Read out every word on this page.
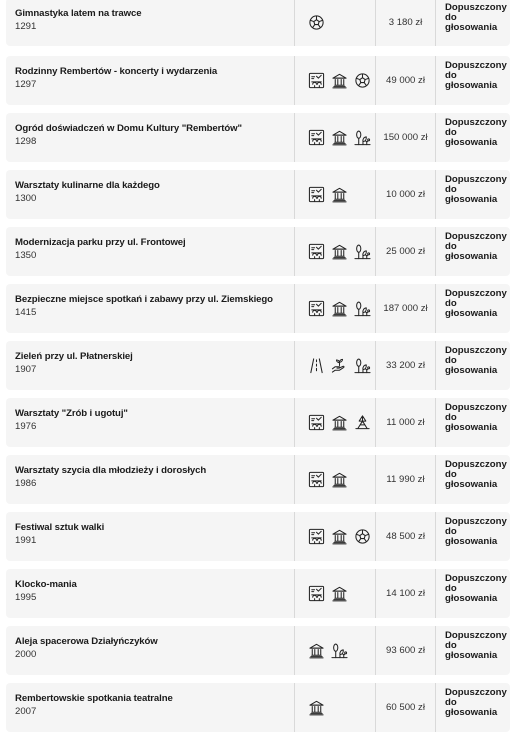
Gimnastyka latem na trawce
1291	3 180 zł
Dopuszczony
do
głosowania
Rodzinny Rembertów - koncerty i wydarzenia
1297	49 000 zł
Dopuszczony
do
głosowania
Ogród doświadczeń w Domu Kultury "Rembertów"
1298	150 000 zł
Dopuszczony
do
głosowania
Warsztaty kulinarne dla każdego
1300	10 000 zł
Dopuszczony
do
głosowania
Modernizacja parku przy ul. Frontowej
1350	25 000 zł
Dopuszczony
do
głosowania
Bezpieczne miejsce spotkań i zabawy przy ul. Ziemskiego
1415	187 000 zł
Dopuszczony
do
głosowania
Zieleń przy ul. Płatnerskiej
1907	33 200 zł
Dopuszczony
do
głosowania
Warsztaty "Zrób i ugotuj"
1976	11 000 zł
Dopuszczony
do
głosowania
Warsztaty szycia dla młodzieży i dorosłych
1986	11 990 zł
Dopuszczony
do
głosowania
Festiwal sztuk walki
1991	48 500 zł
Dopuszczony
do
głosowania
Klocko-mania
1995	14 100 zł
Dopuszczony
do
głosowania
Aleja spacerowa Działyńczyków
2000	93 600 zł
Dopuszczony
do
głosowania
Rembertowskie spotkania teatralne
2007	60 500 zł
Dopuszczony
do
głosowania
